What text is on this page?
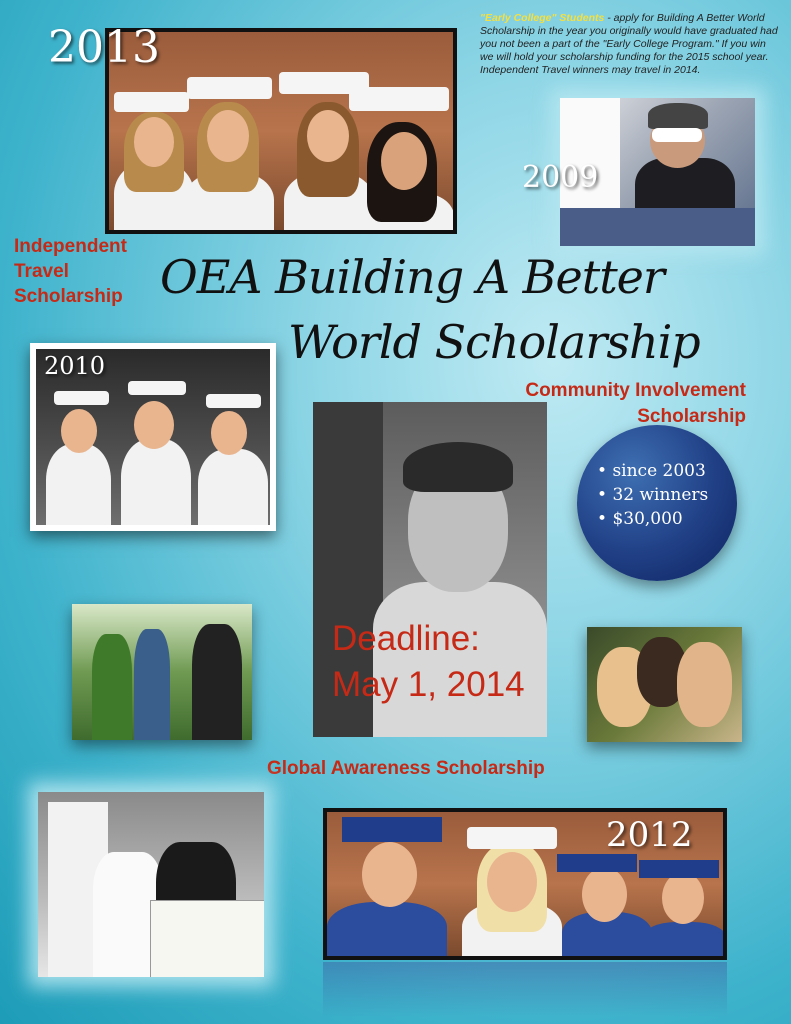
2013
"Early College" Students - apply for Building A Better World Scholarship in the year you originally would have graduated had you not been a part of the "Early College Program." If you win we will hold your scholarship funding for the 2015 school year. Independent Travel winners may travel in 2014.
2009
Independent
Travel
Scholarship OEA Building A Better
World Scholarship
2010
Community Involvement
Scholarship
Deadline:
May 1, 2014
• since 2003
• 32 winners
• $30,000
Global Awareness Scholarship
2012
